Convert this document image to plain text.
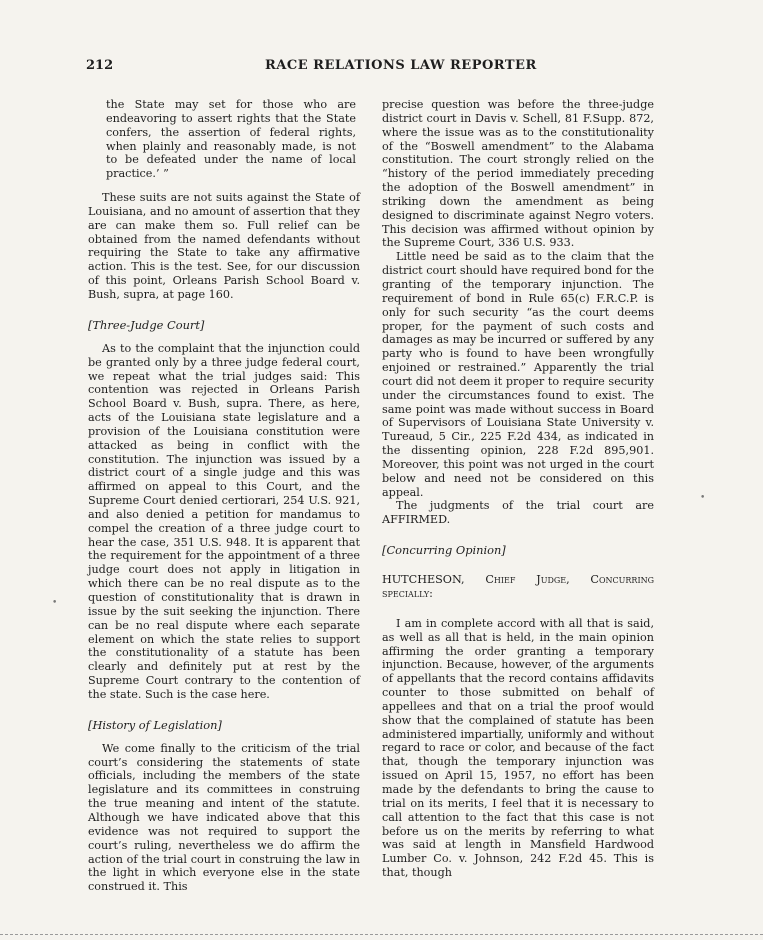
212	RACE RELATIONS LAW REPORTER

the State may set for those who are endeavoring to assert rights that the State confers, the assertion of federal rights, when plainly and reasonably made, is not to be defeated under the name of local practice.’ ”

These suits are not suits against the State of Louisiana, and no amount of assertion that they are can make them so. Full relief can be obtained from the named defendants without requiring the State to take any affirmative action. This is the test. See, for our discussion of this point, Orleans Parish School Board v. Bush, supra, at page 160.

[Three-Judge Court]

As to the complaint that the injunction could be granted only by a three judge federal court, we repeat what the trial judges said: This contention was rejected in Orleans Parish School Board v. Bush, supra. There, as here, acts of the Louisiana state legislature and a provision of the Louisiana constitution were attacked as being in conflict with the constitution. The injunction was issued by a district court of a single judge and this was affirmed on appeal to this Court, and the Supreme Court denied certiorari, 254 U.S. 921, and also denied a petition for mandamus to compel the creation of a three judge court to hear the case, 351 U.S. 948. It is apparent that the requirement for the appointment of a three judge court does not apply in litigation in which there can be no real dispute as to the question of constitutionality that is drawn in issue by the suit seeking the injunction. There can be no real dispute where each separate element on which the state relies to support the constitutionality of a statute has been clearly and definitely put at rest by the Supreme Court contrary to the contention of the state. Such is the case here.

[History of Legislation]

We come finally to the criticism of the trial court’s considering the statements of state officials, including the members of the state legislature and its committees in construing the true meaning and intent of the statute. Although we have indicated above that this evidence was not required to support the court’s ruling, nevertheless we do affirm the action of the trial court in construing the law in the light in which everyone else in the state construed it. This

precise question was before the three-judge district court in Davis v. Schell, 81 F.Supp. 872, where the issue was as to the constitutionality of the “Boswell amendment” to the Alabama constitution. The court strongly relied on the “history of the period immediately preceding the adoption of the Boswell amendment” in striking down the amendment as being designed to discriminate against Negro voters. This decision was affirmed without opinion by the Supreme Court, 336 U.S. 933.

Little need be said as to the claim that the district court should have required bond for the granting of the temporary injunction. The requirement of bond in Rule 65(c) F.R.C.P. is only for such security “as the court deems proper, for the payment of such costs and damages as may be incurred or suffered by any party who is found to have been wrongfully enjoined or restrained.” Apparently the trial court did not deem it proper to require security under the circumstances found to exist. The same point was made without success in Board of Supervisors of Louisiana State University v. Tureaud, 5 Cir., 225 F.2d 434, as indicated in the dissenting opinion, 228 F.2d 895,901. Moreover, this point was not urged in the court below and need not be considered on this appeal.

The judgments of the trial court are AFFIRMED.

[Concurring Opinion]

HUTCHESON, Chief Judge, Concurring specially:

I am in complete accord with all that is said, as well as all that is held, in the main opinion affirming the order granting a temporary injunction. Because, however, of the arguments of appellants that the record contains affidavits counter to those submitted on behalf of appellees and that on a trial the proof would show that the complained of statute has been administered impartially, uniformly and without regard to race or color, and because of the fact that, though the temporary injunction was issued on April 15, 1957, no effort has been made by the defendants to bring the cause to trial on its merits, I feel that it is necessary to call attention to the fact that this case is not before us on the merits by referring to what was said at length in Mansfield Hardwood Lumber Co. v. Johnson, 242 F.2d 45. This is that, though

•
•
